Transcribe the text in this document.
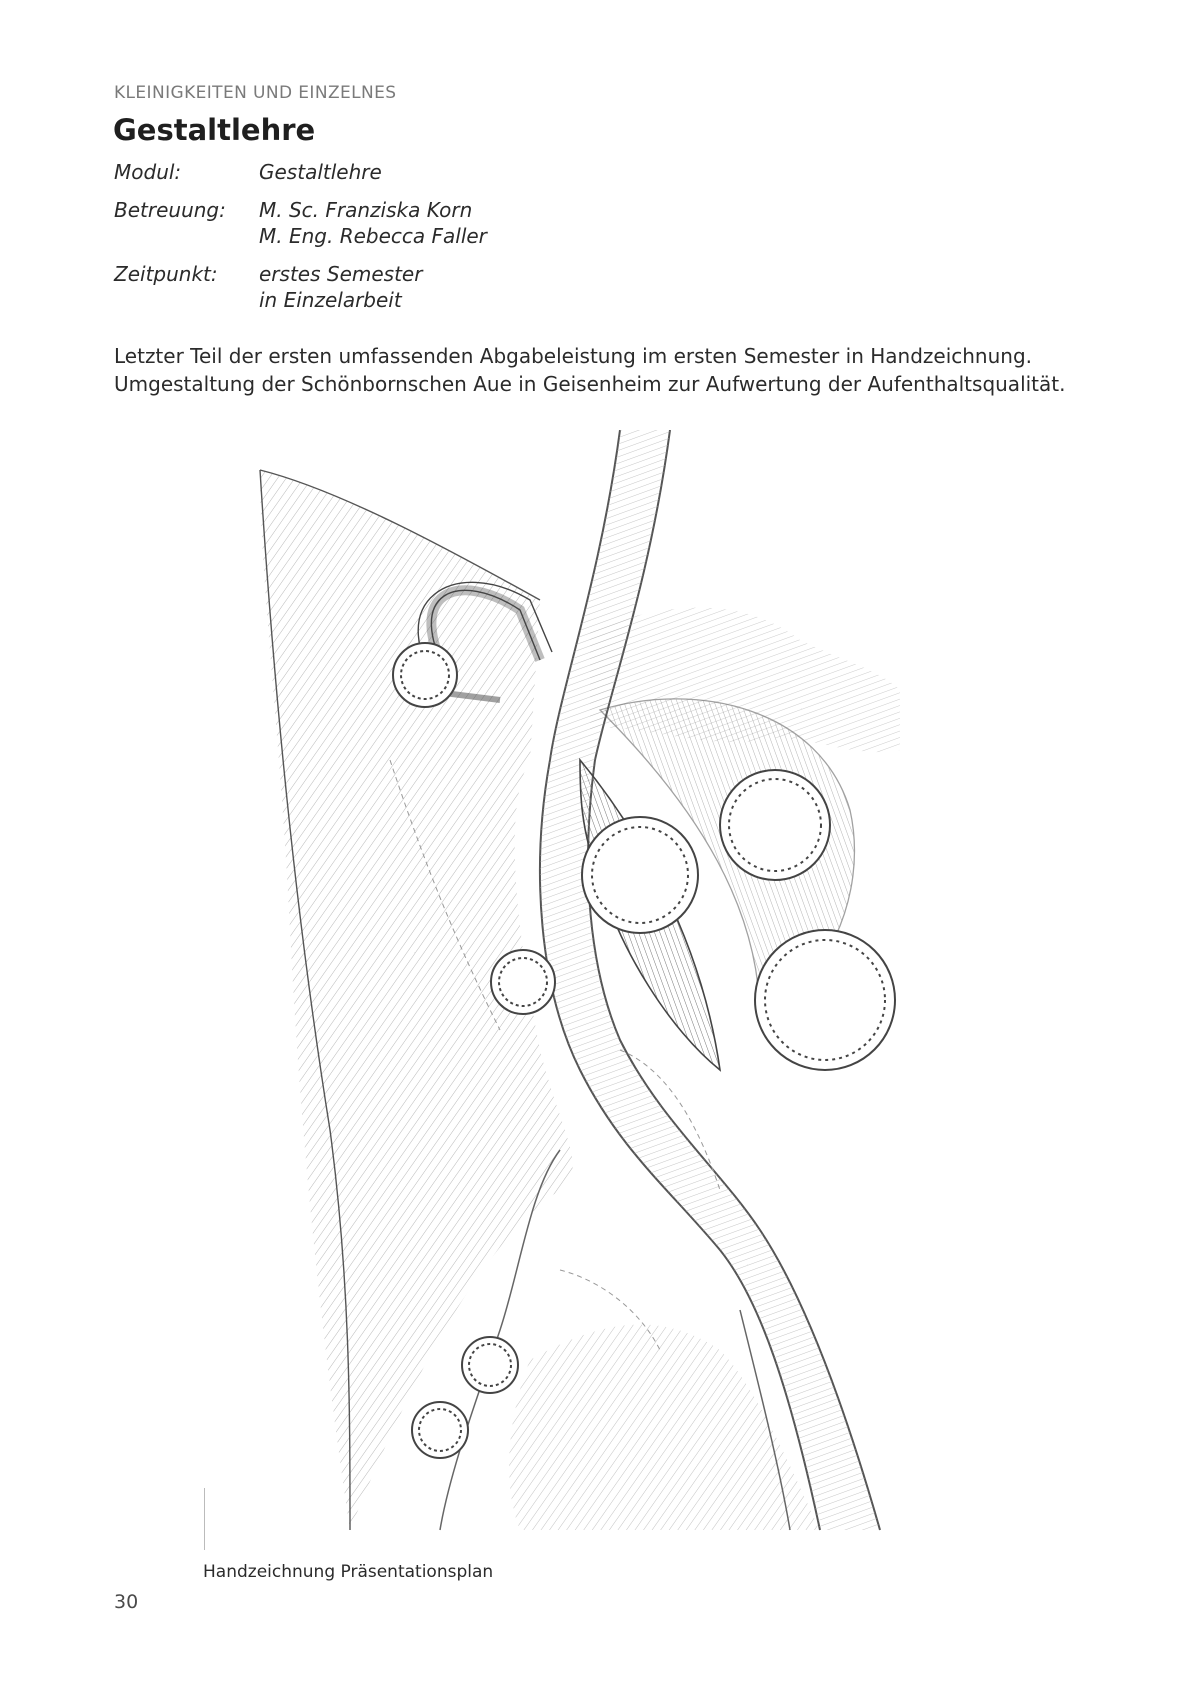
KLEINIGKEITEN UND EINZELNES
Gestaltlehre
Modul:	Gestaltlehre
Betreuung: M. Sc. Franziska Korn
M. Eng. Rebecca Faller
Zeitpunkt: erstes Semester
in Einzelarbeit
Letzter Teil der ersten umfassenden Abgabeleistung im ersten Semester in Handzeichnung.
Umgestaltung der Schönbornschen Aue in Geisenheim zur Aufwertung der Aufenthaltsqualität.
Handzeichnung Präsentationsplan
30
